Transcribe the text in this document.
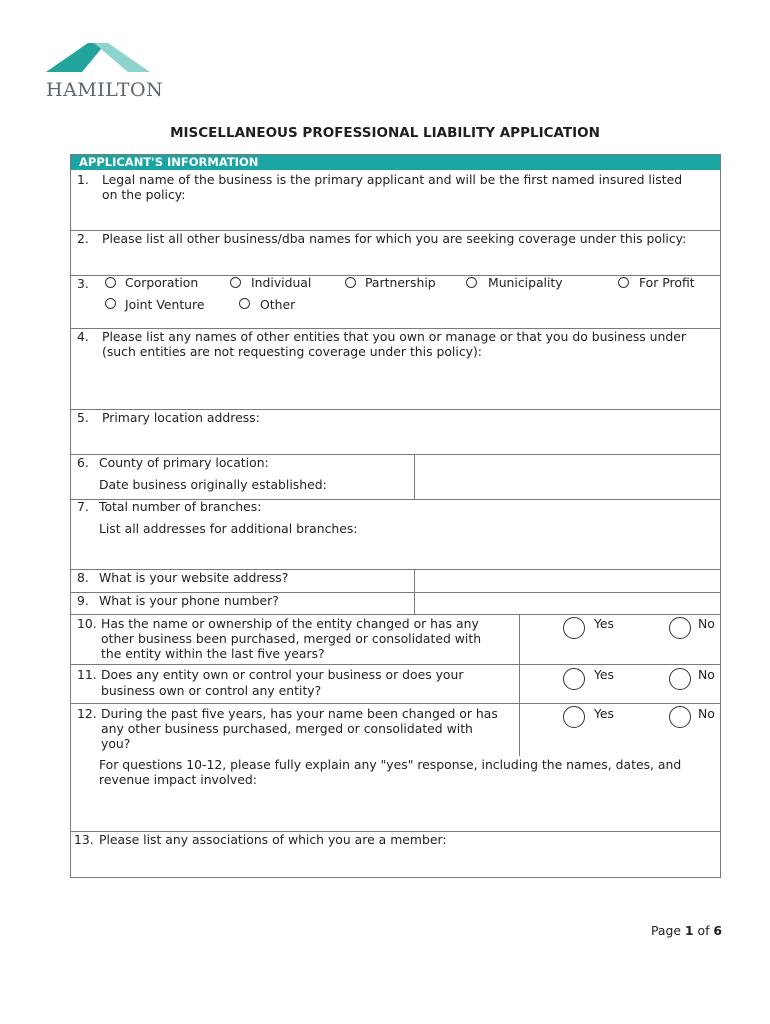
HAMILTON
MISCELLANEOUS PROFESSIONAL LIABILITY APPLICATION
APPLICANT'S INFORMATION
1. Legal name of the business is the primary applicant and will be the first named insured listed
on the policy:
2. Please list all other business/dba names for which you are seeking coverage under this policy:
3.	Corporation	Individual	Partnership	Municipality	For Profit
Joint Venture	Other
4. Please list any names of other entities that you own or manage or that you do business under
(such entities are not requesting coverage under this policy):
5. Primary location address:
6. County of primary location:
Date business originally established:
7. Total number of branches:
List all addresses for additional branches:
8. What is your website address?
9. What is your phone number?
10. Has the name or ownership of the entity changed or has any
other business been purchased, merged or consolidated with
the entity within the last five years?
Yes	No
11. Does any entity own or control your business or does your
business own or control any entity?
Yes	No
12. During the past five years, has your name been changed or has
any other business purchased, merged or consolidated with
you?
Yes	No
For questions 10-12, please fully explain any "yes" response, including the names, dates, and
revenue impact involved:
13. Please list any associations of which you are a member:
Page 1 of 6
